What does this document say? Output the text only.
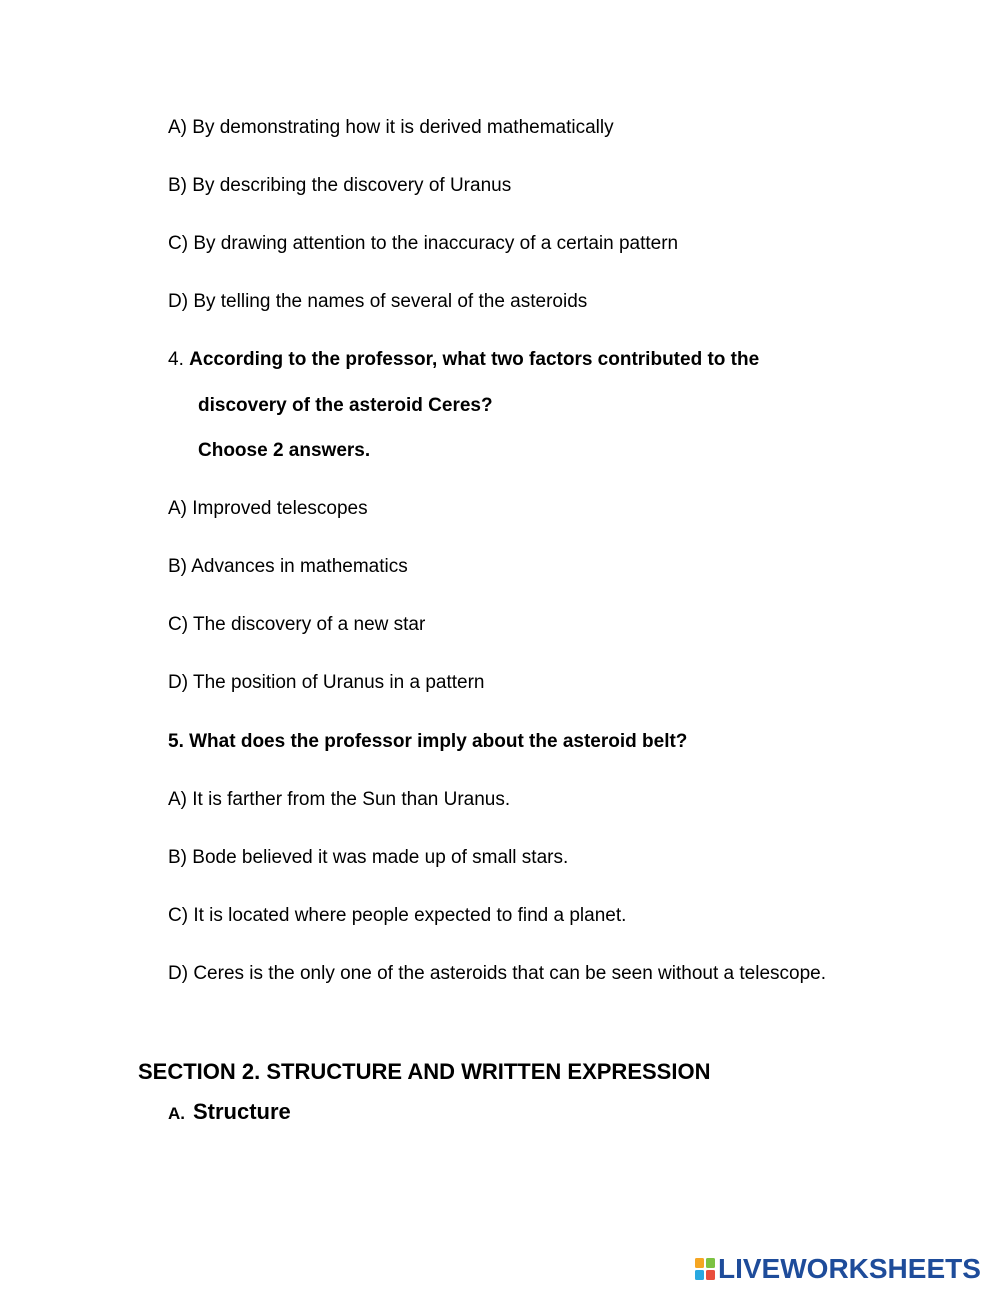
A) By demonstrating how it is derived mathematically
B) By describing the discovery of Uranus
C) By drawing attention to the inaccuracy of a certain pattern
D) By telling the names of several of the asteroids
4. According to the professor, what two factors contributed to the
discovery of the asteroid Ceres?
Choose 2 answers.
A) Improved telescopes
B) Advances in mathematics
C) The discovery of a new star
D) The position of Uranus in a pattern
5. What does the professor imply about the asteroid belt?
A) It is farther from the Sun than Uranus.
B) Bode believed it was made up of small stars.
C) It is located where people expected to find a planet.
D) Ceres is the only one of the asteroids that can be seen without a telescope.
SECTION 2. STRUCTURE AND WRITTEN EXPRESSION
A. Structure
LIVEWORKSHEETS
